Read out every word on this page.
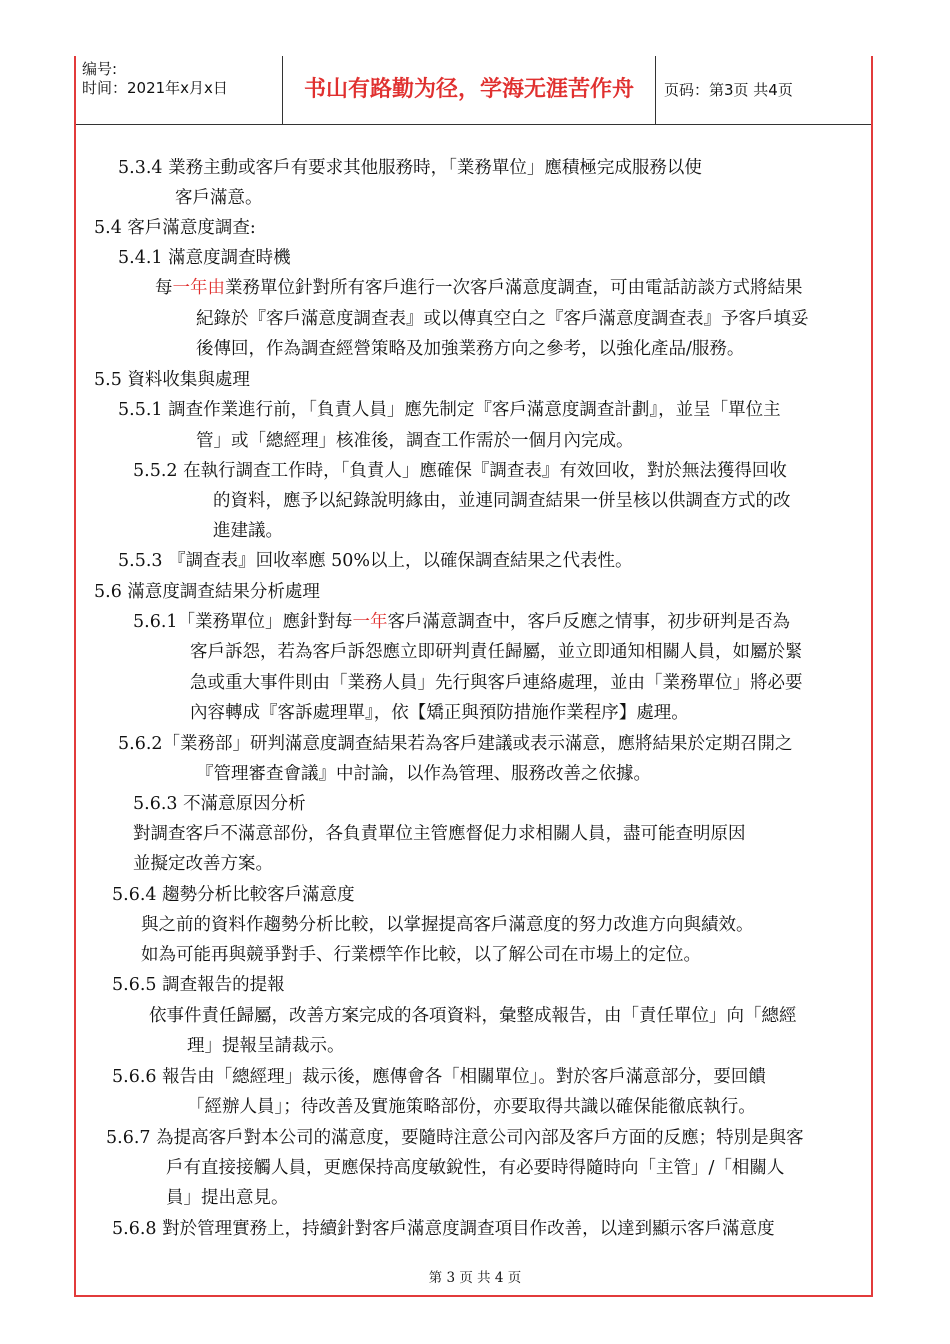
编号:
时间：2021年x月x日	书山有路勤为径，学海无涯苦作舟	页码：第3页 共4页
5.3.4 業務主動或客戶有要求其他服務時，「業務單位」應積極完成服務以使
客戶滿意。
5.4 客戶滿意度調查:
5.4.1 滿意度調查時機
每一年由業務單位針對所有客戶進行一次客戶滿意度調查，可由電話訪談方式將結果
紀錄於『客戶滿意度調查表』或以傳真空白之『客戶滿意度調查表』予客戶填妥
後傳回，作為調查經營策略及加強業務方向之參考，以強化產品/服務。
5.5 資料收集與處理
5.5.1 調查作業進行前，「負責人員」應先制定『客戶滿意度調查計劃』，並呈「單位主
管」或「總經理」核准後，調查工作需於一個月內完成。
5.5.2 在執行調查工作時，「負責人」應確保『調查表』有效回收，對於無法獲得回收
的資料，應予以紀錄說明緣由，並連同調查結果一併呈核以供調查方式的改
進建議。
5.5.3 『調查表』回收率應 50%以上，以確保調查結果之代表性。
5.6 滿意度調查結果分析處理
5.6.1「業務單位」應針對每一年客戶滿意調查中，客戶反應之情事，初步研判是否為
客戶訴怨，若為客戶訴怨應立即研判責任歸屬，並立即通知相關人員，如屬於緊
急或重大事件則由「業務人員」先行與客戶連絡處理，並由「業務單位」將必要
內容轉成『客訴處理單』，依【矯正與預防措施作業程序】處理。
5.6.2「業務部」研判滿意度調查結果若為客戶建議或表示滿意，應將結果於定期召開之
『管理審查會議』中討論，以作為管理、服務改善之依據。
5.6.3 不滿意原因分析
對調查客戶不滿意部份，各負責單位主管應督促力求相關人員，盡可能查明原因
並擬定改善方案。
5.6.4 趨勢分析比較客戶滿意度
與之前的資料作趨勢分析比較，以掌握提高客戶滿意度的努力改進方向與績效。
如為可能再與競爭對手、行業標竿作比較，以了解公司在市場上的定位。
5.6.5 調查報告的提報
依事件責任歸屬，改善方案完成的各項資料，彙整成報告，由「責任單位」向「總經
理」提報呈請裁示。
5.6.6 報告由「總經理」裁示後，應傳會各「相關單位」。對於客戶滿意部分，要回饋
「經辦人員」；待改善及實施策略部份，亦要取得共識以確保能徹底執行。
5.6.7 為提高客戶對本公司的滿意度，要隨時注意公司內部及客戶方面的反應；特別是與客
戶有直接接觸人員，更應保持高度敏銳性，有必要時得隨時向「主管」/「相關人
員」提出意見。
5.6.8 對於管理實務上，持續針對客戶滿意度調查項目作改善，以達到顯示客戶滿意度
第 3 页 共 4 页
